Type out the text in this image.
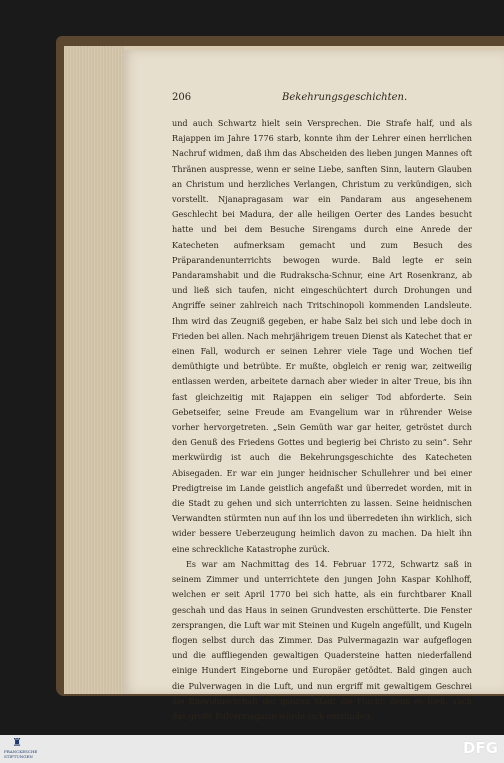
206	Bekehrungsgeschichten.

und auch Schwartz hielt sein Versprechen. Die Strafe half, und als Rajappen im Jahre 1776 starb, konnte ihm der Lehrer einen herrlichen Nachruf widmen, daß ihm das Abscheiden des lieben jungen Mannes oft Thränen auspresse, wenn er seine Liebe, sanften Sinn, lautern Glauben an Christum und herzliches Verlangen, Christum zu verkündigen, sich vorstellt. Njanapragasam war ein Pandaram aus angesehenem Geschlecht bei Madura, der alle heiligen Oerter des Landes besucht hatte und bei dem Besuche Sirengams durch eine Anrede der Katecheten aufmerksam gemacht und zum Besuch des Präparandenunterrichts bewogen wurde. Bald legte er sein Pandaramshabit und die Rudrakscha-Schnur, eine Art Rosenkranz, ab und ließ sich taufen, nicht eingeschüchtert durch Drohungen und Angriffe seiner zahlreich nach Tritschinopoli kommenden Landsleute. Ihm wird das Zeugniß gegeben, er habe Salz bei sich und lebe doch in Frieden bei allen. Nach mehrjährigem treuen Dienst als Katechet that er einen Fall, wodurch er seinen Lehrer viele Tage und Wochen tief demüthigte und betrübte. Er mußte, obgleich er renig war, zeitweilig entlassen werden, arbeitete darnach aber wieder in alter Treue, bis ihn fast gleichzeitig mit Rajappen ein seliger Tod abforderte. Sein Gebetseifer, seine Freude am Evangelium war in rührender Weise vorher hervorgetreten. „Sein Gemüth war gar heiter, getröstet durch den Genuß des Friedens Gottes und begierig bei Christo zu sein“. Sehr merkwürdig ist auch die Bekehrungsgeschichte des Katecheten Abisegaden. Er war ein junger heidnischer Schullehrer und bei einer Predigtreise im Lande geistlich angefaßt und überredet worden, mit in die Stadt zu gehen und sich unterrichten zu lassen. Seine heidnischen Verwandten stürmten nun auf ihn los und überredeten ihn wirklich, sich wider bessere Ueberzeugung heimlich davon zu machen. Da hielt ihn eine schreckliche Katastrophe zurück.

Es war am Nachmittag des 14. Februar 1772, Schwartz saß in seinem Zimmer und unterrichtete den jungen John Kaspar Kohlhoff, welchen er seit April 1770 bei sich hatte, als ein furchtbarer Knall geschah und das Haus in seinen Grundvesten erschütterte. Die Fenster zersprangen, die Luft war mit Steinen und Kugeln angefüllt, und Kugeln flogen selbst durch das Zimmer. Das Pulvermagazin war aufgeflogen und die auffliegenden gewaltigen Quadersteine hatten niederfallend einige Hundert Eingeborne und Europäer getödtet. Bald gingen auch die Pulverwagen in die Luft, und nun ergriff mit gewaltigem Geschrei die Einwohnerschaft der ganzen Stadt die Flucht, denn es hieß, auch das große Pulvermagazin würde sich entzünden.

♜
FRANCKESCHE STIFTUNGEN	DFG
